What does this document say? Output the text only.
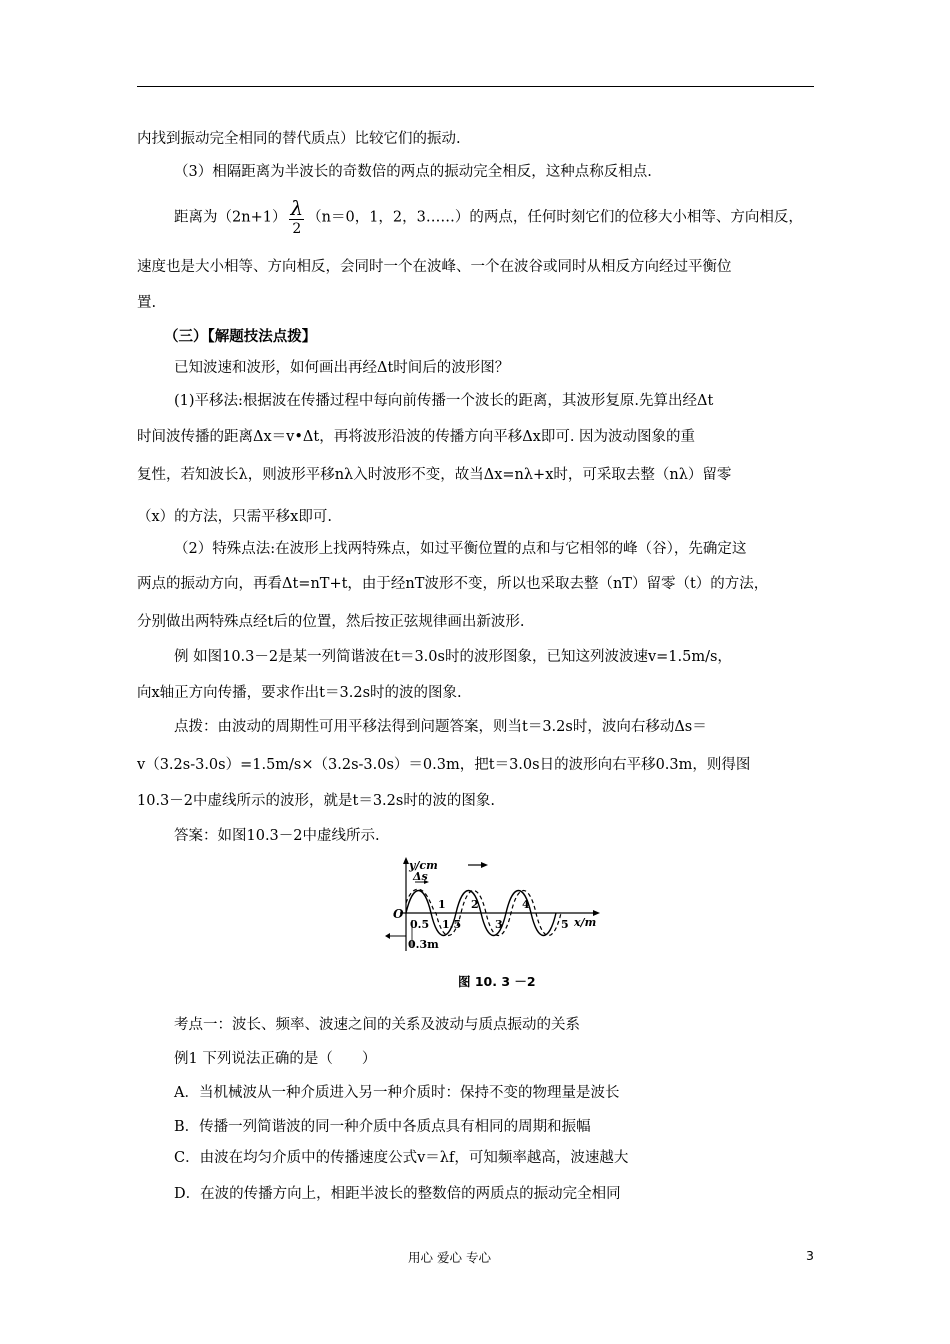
内找到振动完全相同的替代质点）比较它们的振动.
（3）相隔距离为半波长的奇数倍的两点的振动完全相反，这种点称反相点.
距离为$(2n+1) \frac{\lambda}{2} (n=0$，1，2，3……）的两点，任何时刻它们的位移大小相等、方向相反，
速度也是大小相等、方向相反，会同时一个在波峰、一个在波谷或同时从相反方向经过平衡位
置.
（三）【解题技法点拨】
已知波速和波形，如何画出再经Δt时间后的波形图？
(1)平移法:根据波在传播过程中每向前传播一个波长的距离，其波形复原.先算出经Δt
时间波传播的距离Δx＝v•Δt，再将波形沿波的传播方向平移Δx即可. 因为波动图象的重
复性，若知波长λ，则波形平移nλ入时波形不变，故当Δx=nλ+x时，可采取去整（nλ）留零
（x）的方法，只需平移x即可.
（2）特殊点法:在波形上找两特殊点，如过平衡位置的点和与它相邻的峰（谷），先确定这
两点的振动方向，再看Δt=nT+t，由于经nT波形不变，所以也采取去整（nT）留零（t）的方法，
分别做出两特殊点经t后的位置，然后按正弦规律画出新波形.
例 如图10.3－2是某一列简谐波在t＝3.0s时的波形图象，已知这列波波速v=1.5m/s，
向x轴正方向传播，要求作出t＝3.2s时的波的图象.
点拨：由波动的周期性可用平移法得到问题答案，则当t＝3.2s时，波向右移动Δs＝
v（3.2s-3.0s）=1.5m/s×（3.2s-3.0s）＝0.3m，把t＝3.0s日的波形向右平移0.3m，则得图
10.3－2中虚线所示的波形，就是t＝3.2s时的波的图象.
答案：如图10.3－2中虚线所示.
y/cm
Δs
O
x/m
0.5
1
1.5
2
3
4
5
0.3m
图 10. 3 －2
考点一：波长、频率、波速之间的关系及波动与质点振动的关系
例1 下列说法正确的是（　　）
A．当机械波从一种介质进入另一种介质时：保持不变的物理量是波长
B．传播一列简谐波的同一种介质中各质点具有相同的周期和振幅
C．由波在均匀介质中的传播速度公式v＝λf，可知频率越高，波速越大
D．在波的传播方向上，相距半波长的整数倍的两质点的振动完全相同
用心 爱心 专心	3
